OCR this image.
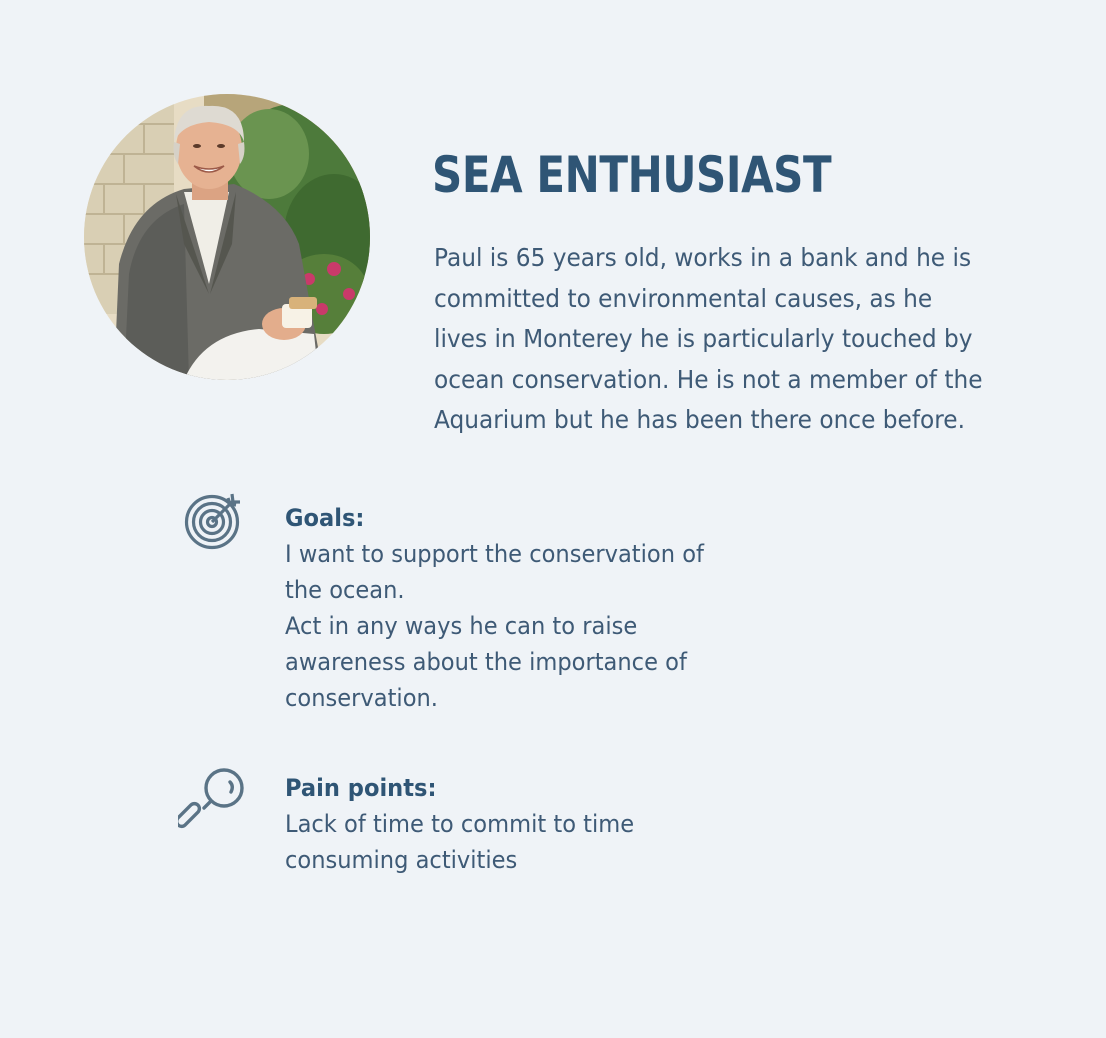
SEA ENTHUSIAST
Paul is 65 years old, works in a bank and he is
committed to environmental causes, as he
lives in Monterey he is particularly touched by
ocean conservation. He is not a member of the
Aquarium but he has been there once before.
Goals:
I want to support the conservation of
the ocean.
Act in any ways he can to raise
awareness about the importance of
conservation.
Pain points:
Lack of time to commit to time
consuming activities
